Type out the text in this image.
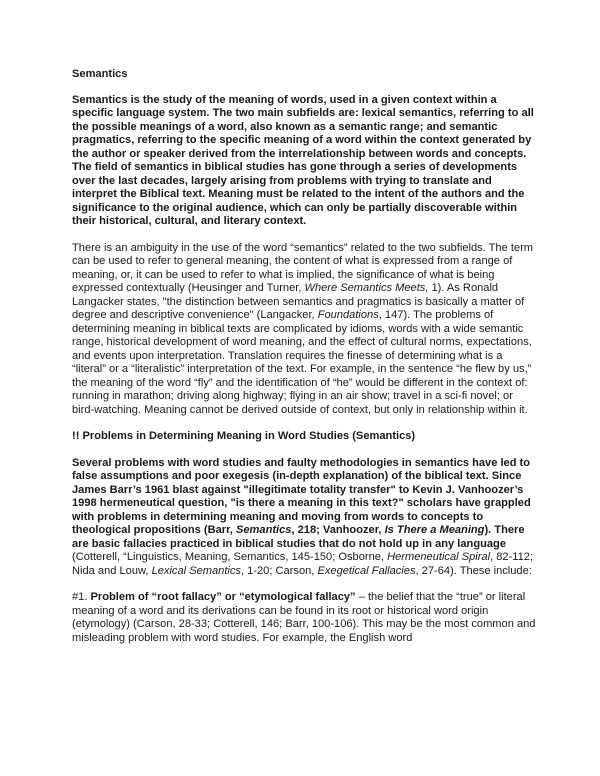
Semantics

Semantics is the study of the meaning of words, used in a given context within a specific language system. The two main subfields are: lexical semantics, referring to all the possible meanings of a word, also known as a semantic range; and semantic pragmatics, referring to the specific meaning of a word within the context generated by the author or speaker derived from the interrelationship between words and concepts. The field of semantics in biblical studies has gone through a series of developments over the last decades, largely arising from problems with trying to translate and interpret the Biblical text. Meaning must be related to the intent of the authors and the significance to the original audience, which can only be partially discoverable within their historical, cultural, and literary context.

There is an ambiguity in the use of the word “semantics” related to the two subfields. The term can be used to refer to general meaning, the content of what is expressed from a range of meaning, or, it can be used to refer to what is implied, the significance of what is being expressed contextually (Heusinger and Turner, Where Semantics Meets, 1). As Ronald Langacker states, "the distinction between semantics and pragmatics is basically a matter of degree and descriptive convenience" (Langacker, Foundations, 147). The problems of determining meaning in biblical texts are complicated by idioms, words with a wide semantic range, historical development of word meaning, and the effect of cultural norms, expectations, and events upon interpretation. Translation requires the finesse of determining what is a “literal” or a “literalistic” interpretation of the text. For example, in the sentence “he flew by us,” the meaning of the word “fly” and the identification of “he” would be different in the context of: running in marathon; driving along highway; flying in an air show; travel in a sci-fi novel; or bird-watching. Meaning cannot be derived outside of context, but only in relationship within it.

!! Problems in Determining Meaning in Word Studies (Semantics)

Several problems with word studies and faulty methodologies in semantics have led to false assumptions and poor exegesis (in-depth explanation) of the biblical text. Since James Barr’s 1961 blast against "illegitimate totality transfer" to Kevin J. Vanhoozer’s 1998 hermeneutical question, "is there a meaning in this text?" scholars have grappled with problems in determining meaning and moving from words to concepts to theological propositions (Barr, Semantics, 218; Vanhoozer, Is There a Meaning). There are basic fallacies practiced in biblical studies that do not hold up in any language (Cotterell, “Linguistics, Meaning, Semantics, 145-150; Osborne, Hermeneutical Spiral, 82-112; Nida and Louw, Lexical Semantics, 1-20; Carson, Exegetical Fallacies, 27-64). These include:

#1. Problem of “root fallacy” or “etymological fallacy” – the belief that the “true” or literal meaning of a word and its derivations can be found in its root or historical word origin (etymology) (Carson, 28-33; Cotterell, 146; Barr, 100-106). This may be the most common and misleading problem with word studies. For example, the English word
